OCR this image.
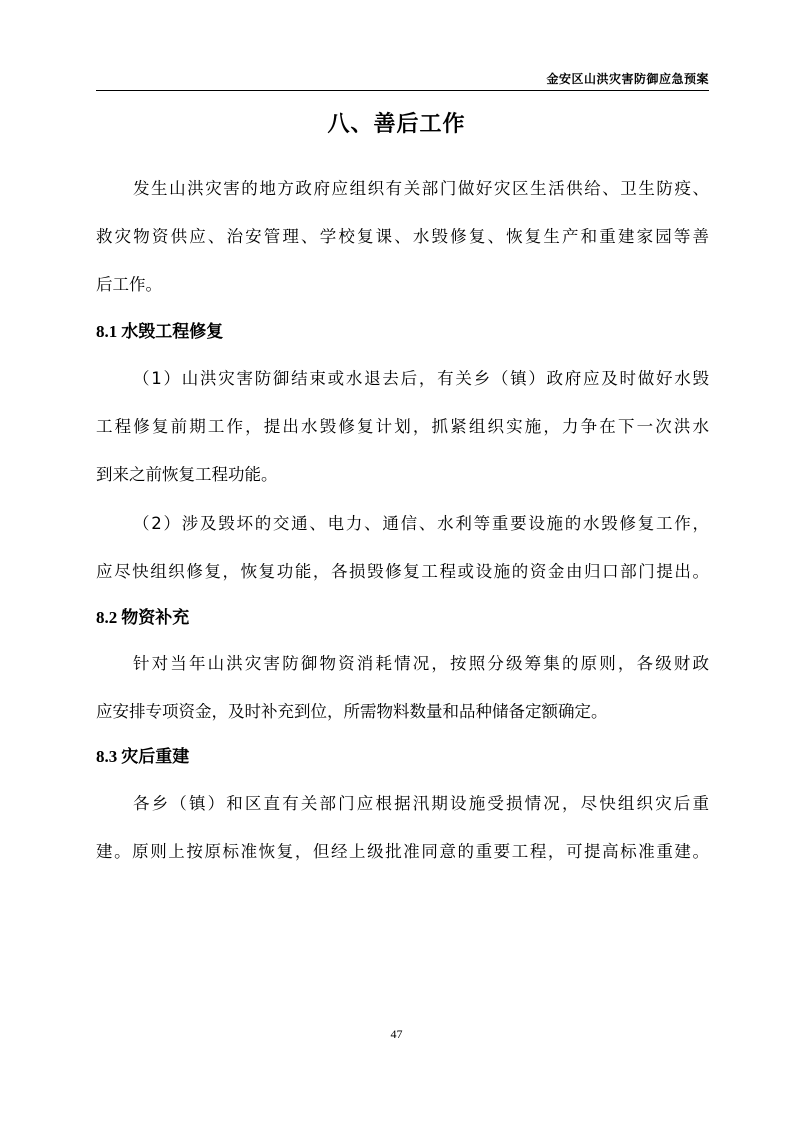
金安区山洪灾害防御应急预案
八、善后工作
发生山洪灾害的地方政府应组织有关部门做好灾区生活供给、卫生防疫、
救灾物资供应、治安管理、学校复课、水毁修复、恢复生产和重建家园等善
后工作。
8.1 水毁工程修复
（1）山洪灾害防御结束或水退去后，有关乡（镇）政府应及时做好水毁
工程修复前期工作，提出水毁修复计划，抓紧组织实施，力争在下一次洪水
到来之前恢复工程功能。
（2）涉及毁坏的交通、电力、通信、水利等重要设施的水毁修复工作，
应尽快组织修复，恢复功能，各损毁修复工程或设施的资金由归口部门提出。
8.2 物资补充
针对当年山洪灾害防御物资消耗情况，按照分级筹集的原则，各级财政
应安排专项资金，及时补充到位，所需物料数量和品种储备定额确定。
8.3 灾后重建
各乡（镇）和区直有关部门应根据汛期设施受损情况，尽快组织灾后重
建。原则上按原标准恢复，但经上级批准同意的重要工程，可提高标准重建。
47
